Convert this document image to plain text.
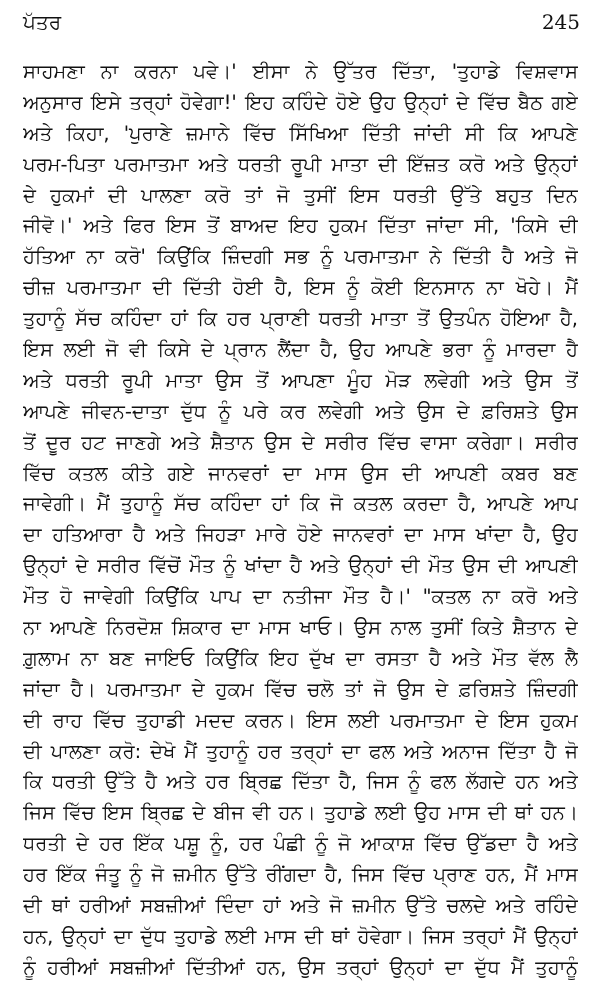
ਪੱਤਰ	245
ਸਾਹਮਣਾ ਨਾ ਕਰਨਾ ਪਵੇ।' ਈਸਾ ਨੇ ਉੱਤਰ ਦਿੱਤਾ, 'ਤੁਹਾਡੇ ਵਿਸ਼ਵਾਸ
ਅਨੁਸਾਰ ਇਸੇ ਤਰ੍ਹਾਂ ਹੋਵੇਗਾ!' ਇਹ ਕਹਿੰਦੇ ਹੋਏ ਉਹ ਉਨ੍ਹਾਂ ਦੇ ਵਿੱਚ ਬੈਠ ਗਏ
ਅਤੇ ਕਿਹਾ, 'ਪੁਰਾਣੇ ਜ਼ਮਾਨੇ ਵਿੱਚ ਸਿੱਖਿਆ ਦਿੱਤੀ ਜਾਂਦੀ ਸੀ ਕਿ ਆਪਣੇ
ਪਰਮ-ਪਿਤਾ ਪਰਮਾਤਮਾ ਅਤੇ ਧਰਤੀ ਰੂਪੀ ਮਾਤਾ ਦੀ ਇੱਜ਼ਤ ਕਰੋ ਅਤੇ ਉਨ੍ਹਾਂ
ਦੇ ਹੁਕਮਾਂ ਦੀ ਪਾਲਣਾ ਕਰੋ ਤਾਂ ਜੋ ਤੁਸੀਂ ਇਸ ਧਰਤੀ ਉੱਤੇ ਬਹੁਤ ਦਿਨ
ਜੀਵੋ।' ਅਤੇ ਫਿਰ ਇਸ ਤੋਂ ਬਾਅਦ ਇਹ ਹੁਕਮ ਦਿੱਤਾ ਜਾਂਦਾ ਸੀ, 'ਕਿਸੇ ਦੀ
ਹੱਤਿਆ ਨਾ ਕਰੋ' ਕਿਉਂਕਿ ਜ਼ਿੰਦਗੀ ਸਭ ਨੂੰ ਪਰਮਾਤਮਾ ਨੇ ਦਿੱਤੀ ਹੈ ਅਤੇ ਜੋ
ਚੀਜ਼ ਪਰਮਾਤਮਾ ਦੀ ਦਿੱਤੀ ਹੋਈ ਹੈ, ਇਸ ਨੂੰ ਕੋਈ ਇਨਸਾਨ ਨਾ ਖੋਹੇ। ਮੈਂ
ਤੁਹਾਨੂੰ ਸੱਚ ਕਹਿੰਦਾ ਹਾਂ ਕਿ ਹਰ ਪ੍ਰਾਣੀ ਧਰਤੀ ਮਾਤਾ ਤੋਂ ਉਤਪੰਨ ਹੋਇਆ ਹੈ,
ਇਸ ਲਈ ਜੋ ਵੀ ਕਿਸੇ ਦੇ ਪ੍ਰਾਨ ਲੈਂਦਾ ਹੈ, ਉਹ ਆਪਣੇ ਭਰਾ ਨੂੰ ਮਾਰਦਾ ਹੈ
ਅਤੇ ਧਰਤੀ ਰੂਪੀ ਮਾਤਾ ਉਸ ਤੋਂ ਆਪਣਾ ਮੂੰਹ ਮੋੜ ਲਵੇਗੀ ਅਤੇ ਉਸ ਤੋਂ
ਆਪਣੇ ਜੀਵਨ-ਦਾਤਾ ਦੁੱਧ ਨੂੰ ਪਰੇ ਕਰ ਲਵੇਗੀ ਅਤੇ ਉਸ ਦੇ ਫ਼ਰਿਸ਼ਤੇ ਉਸ
ਤੋਂ ਦੂਰ ਹਟ ਜਾਣਗੇ ਅਤੇ ਸ਼ੈਤਾਨ ਉਸ ਦੇ ਸਰੀਰ ਵਿੱਚ ਵਾਸਾ ਕਰੇਗਾ। ਸਰੀਰ
ਵਿੱਚ ਕਤਲ ਕੀਤੇ ਗਏ ਜਾਨਵਰਾਂ ਦਾ ਮਾਸ ਉਸ ਦੀ ਆਪਣੀ ਕਬਰ ਬਣ
ਜਾਵੇਗੀ। ਮੈਂ ਤੁਹਾਨੂੰ ਸੱਚ ਕਹਿੰਦਾ ਹਾਂ ਕਿ ਜੋ ਕਤਲ ਕਰਦਾ ਹੈ, ਆਪਣੇ ਆਪ
ਦਾ ਹਤਿਆਰਾ ਹੈ ਅਤੇ ਜਿਹੜਾ ਮਾਰੇ ਹੋਏ ਜਾਨਵਰਾਂ ਦਾ ਮਾਸ ਖਾਂਦਾ ਹੈ, ਉਹ
ਉਨ੍ਹਾਂ ਦੇ ਸਰੀਰ ਵਿੱਚੋਂ ਮੌਤ ਨੂੰ ਖਾਂਦਾ ਹੈ ਅਤੇ ਉਨ੍ਹਾਂ ਦੀ ਮੌਤ ਉਸ ਦੀ ਆਪਣੀ
ਮੌਤ ਹੋ ਜਾਵੇਗੀ ਕਿਉਂਕਿ ਪਾਪ ਦਾ ਨਤੀਜਾ ਮੌਤ ਹੈ।' "ਕਤਲ ਨਾ ਕਰੋ ਅਤੇ
ਨਾ ਆਪਣੇ ਨਿਰਦੋਸ਼ ਸ਼ਿਕਾਰ ਦਾ ਮਾਸ ਖਾਓ। ਉਸ ਨਾਲ ਤੁਸੀਂ ਕਿਤੇ ਸ਼ੈਤਾਨ ਦੇ
ਗ਼ੁਲਾਮ ਨਾ ਬਣ ਜਾਇਓ ਕਿਉਂਕਿ ਇਹ ਦੁੱਖ ਦਾ ਰਸਤਾ ਹੈ ਅਤੇ ਮੌਤ ਵੱਲ ਲੈ
ਜਾਂਦਾ ਹੈ। ਪਰਮਾਤਮਾ ਦੇ ਹੁਕਮ ਵਿੱਚ ਚਲੋ ਤਾਂ ਜੋ ਉਸ ਦੇ ਫ਼ਰਿਸ਼ਤੇ ਜ਼ਿੰਦਗੀ
ਦੀ ਰਾਹ ਵਿੱਚ ਤੁਹਾਡੀ ਮਦਦ ਕਰਨ। ਇਸ ਲਈ ਪਰਮਾਤਮਾ ਦੇ ਇਸ ਹੁਕਮ
ਦੀ ਪਾਲਣਾ ਕਰੋ: ਦੇਖੋ ਮੈਂ ਤੁਹਾਨੂੰ ਹਰ ਤਰ੍ਹਾਂ ਦਾ ਫਲ ਅਤੇ ਅਨਾਜ ਦਿੱਤਾ ਹੈ ਜੋ
ਕਿ ਧਰਤੀ ਉੱਤੇ ਹੈ ਅਤੇ ਹਰ ਬ੍ਰਿਛ ਦਿੱਤਾ ਹੈ, ਜਿਸ ਨੂੰ ਫਲ ਲੱਗਦੇ ਹਨ ਅਤੇ
ਜਿਸ ਵਿੱਚ ਇਸ ਬ੍ਰਿਛ ਦੇ ਬੀਜ ਵੀ ਹਨ। ਤੁਹਾਡੇ ਲਈ ਉਹ ਮਾਸ ਦੀ ਥਾਂ ਹਨ।
ਧਰਤੀ ਦੇ ਹਰ ਇੱਕ ਪਸ਼ੂ ਨੂੰ, ਹਰ ਪੰਛੀ ਨੂੰ ਜੋ ਆਕਾਸ਼ ਵਿੱਚ ਉੱਡਦਾ ਹੈ ਅਤੇ
ਹਰ ਇੱਕ ਜੰਤੂ ਨੂੰ ਜੋ ਜ਼ਮੀਨ ਉੱਤੇ ਰੀਂਗਦਾ ਹੈ, ਜਿਸ ਵਿੱਚ ਪ੍ਰਾਣ ਹਨ, ਮੈਂ ਮਾਸ
ਦੀ ਥਾਂ ਹਰੀਆਂ ਸਬਜ਼ੀਆਂ ਦਿੰਦਾ ਹਾਂ ਅਤੇ ਜੋ ਜ਼ਮੀਨ ਉੱਤੇ ਚਲਦੇ ਅਤੇ ਰਹਿੰਦੇ
ਹਨ, ਉਨ੍ਹਾਂ ਦਾ ਦੁੱਧ ਤੁਹਾਡੇ ਲਈ ਮਾਸ ਦੀ ਥਾਂ ਹੋਵੇਗਾ। ਜਿਸ ਤਰ੍ਹਾਂ ਮੈਂ ਉਨ੍ਹਾਂ
ਨੂੰ ਹਰੀਆਂ ਸਬਜ਼ੀਆਂ ਦਿੱਤੀਆਂ ਹਨ, ਉਸ ਤਰ੍ਹਾਂ ਉਨ੍ਹਾਂ ਦਾ ਦੁੱਧ ਮੈਂ ਤੁਹਾਨੂੰ
